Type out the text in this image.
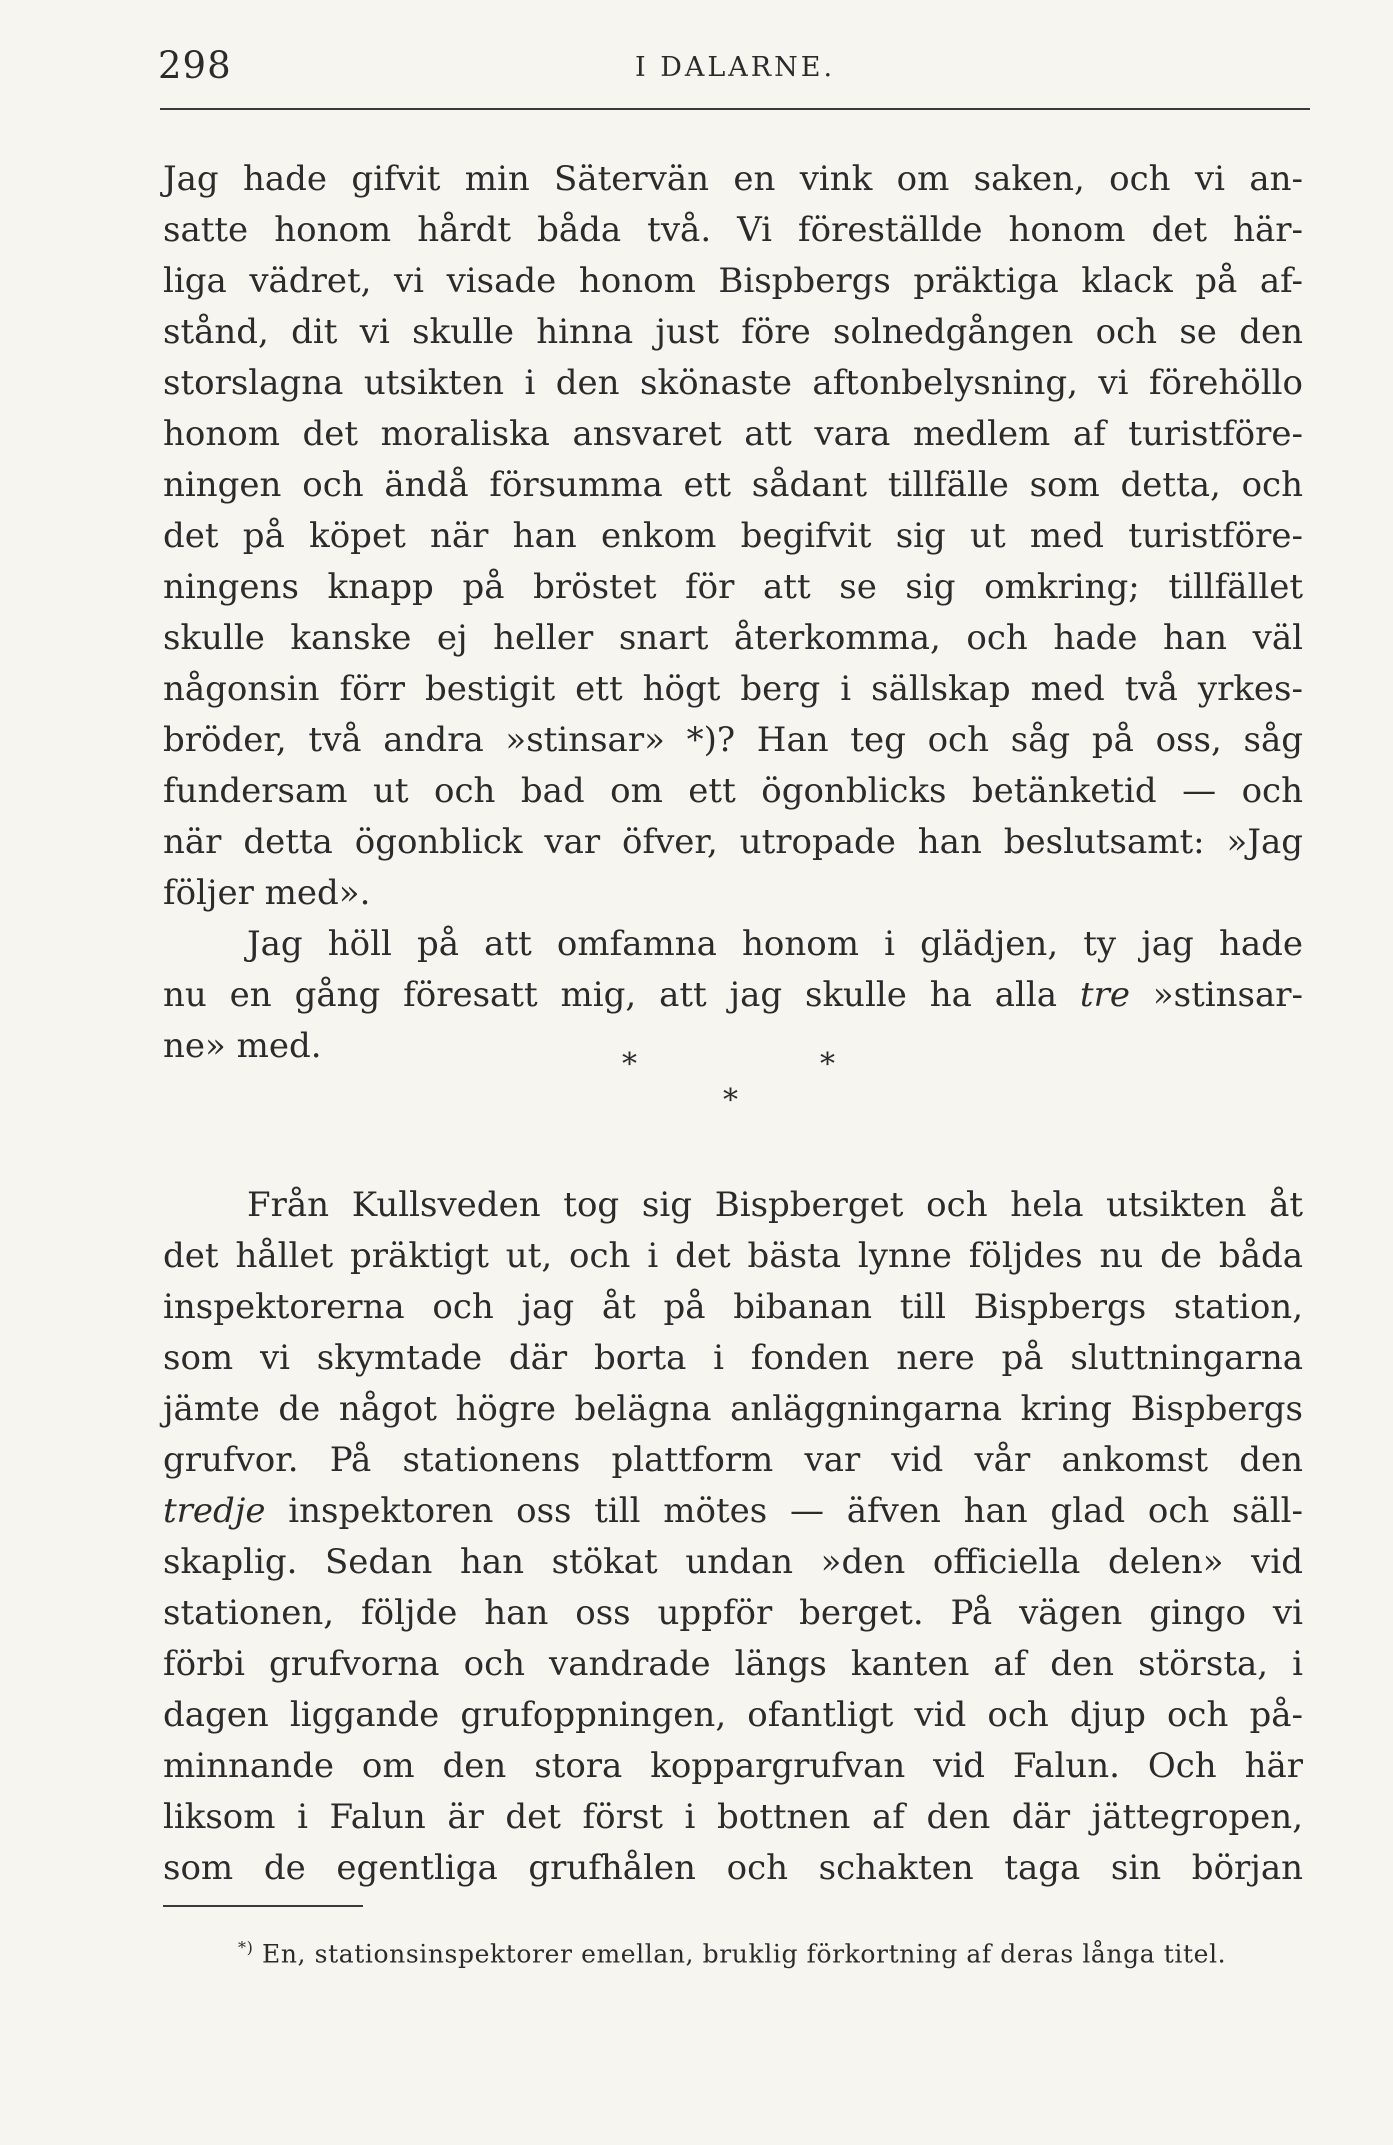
298	I DALARNE.
Jag hade gifvit min Sätervän en vink om saken, och vi an-
satte honom hårdt båda två. Vi föreställde honom det här-
liga vädret, vi visade honom Bispbergs präktiga klack på af-
stånd, dit vi skulle hinna just före solnedgången och se den
storslagna utsikten i den skönaste aftonbelysning, vi förehöllo
honom det moraliska ansvaret att vara medlem af turistföre-
ningen och ändå försumma ett sådant tillfälle som detta, och
det på köpet när han enkom begifvit sig ut med turistföre-
ningens knapp på bröstet för att se sig omkring; tillfället
skulle kanske ej heller snart återkomma, och hade han väl
någonsin förr bestigit ett högt berg i sällskap med två yrkes-
bröder, två andra »stinsar» *)? Han teg och såg på oss, såg
fundersam ut och bad om ett ögonblicks betänketid — och
när detta ögonblick var öfver, utropade han beslutsamt: »Jag
följer med».
Jag höll på att omfamna honom i glädjen, ty jag hade
nu en gång föresatt mig, att jag skulle ha alla tre »stinsar-
ne» med.	*	*
*
Från Kullsveden tog sig Bispberget och hela utsikten åt
det hållet präktigt ut, och i det bästa lynne följdes nu de båda
inspektorerna och jag åt på bibanan till Bispbergs station,
som vi skymtade där borta i fonden nere på sluttningarna
jämte de något högre belägna anläggningarna kring Bispbergs
grufvor. På stationens plattform var vid vår ankomst den
tredje inspektoren oss till mötes — äfven han glad och säll-
skaplig. Sedan han stökat undan »den officiella delen» vid
stationen, följde han oss uppför berget. På vägen gingo vi
förbi grufvorna och vandrade längs kanten af den största, i
dagen liggande grufoppningen, ofantligt vid och djup och på-
minnande om den stora koppargrufvan vid Falun. Och här
liksom i Falun är det först i bottnen af den där jättegropen,
som de egentliga grufhålen och schakten taga sin början
*) En, stationsinspektorer emellan, bruklig förkortning af deras långa titel.
